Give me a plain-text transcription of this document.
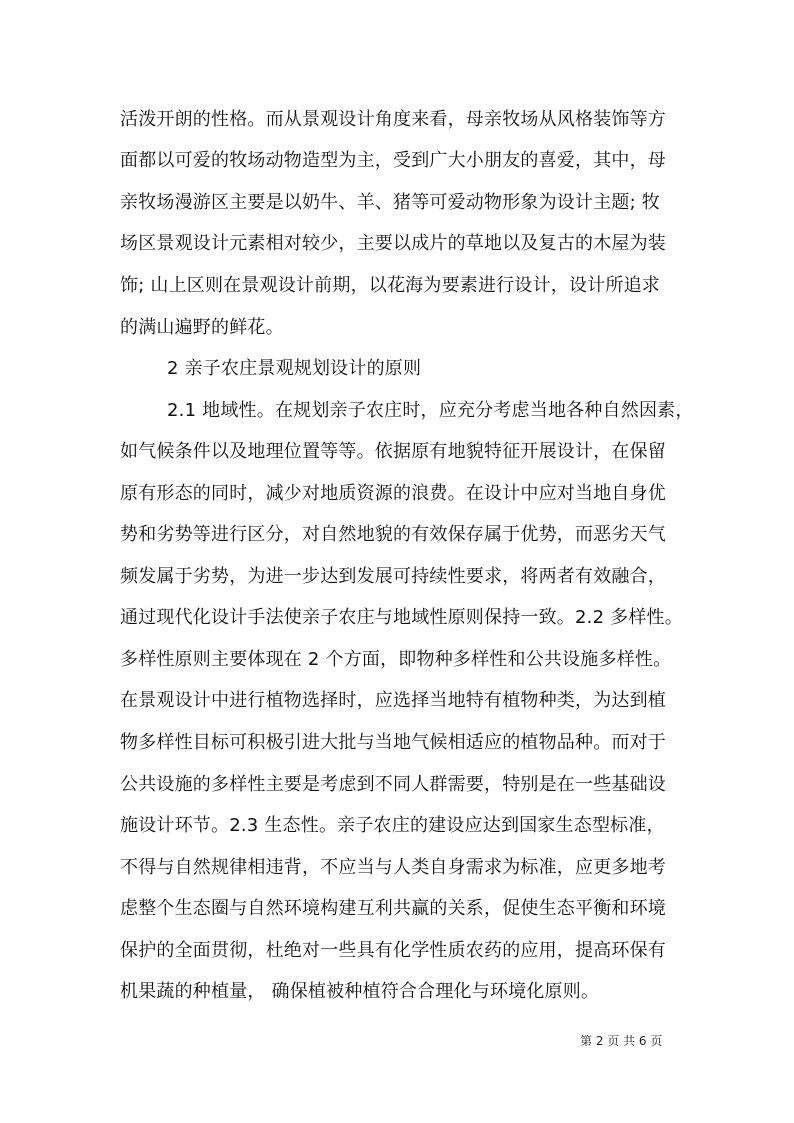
活泼开朗的性格。而从景观设计角度来看，母亲牧场从风格装饰等方
面都以可爱的牧场动物造型为主，受到广大小朋友的喜爱，其中，母
亲牧场漫游区主要是以奶牛、羊、猪等可爱动物形象为设计主题; 牧
场区景观设计元素相对较少，主要以成片的草地以及复古的木屋为装
饰; 山上区则在景观设计前期，以花海为要素进行设计，设计所追求
的满山遍野的鲜花。
2 亲子农庄景观规划设计的原则
2.1 地域性。在规划亲子农庄时，应充分考虑当地各种自然因素，
如气候条件以及地理位置等等。依据原有地貌特征开展设计，在保留
原有形态的同时，减少对地质资源的浪费。在设计中应对当地自身优
势和劣势等进行区分，对自然地貌的有效保存属于优势，而恶劣天气
频发属于劣势，为进一步达到发展可持续性要求，将两者有效融合，
通过现代化设计手法使亲子农庄与地域性原则保持一致。2.2 多样性。
多样性原则主要体现在 2 个方面，即物种多样性和公共设施多样性。
在景观设计中进行植物选择时，应选择当地特有植物种类，为达到植
物多样性目标可积极引进大批与当地气候相适应的植物品种。而对于
公共设施的多样性主要是考虑到不同人群需要，特别是在一些基础设
施设计环节。2.3 生态性。亲子农庄的建设应达到国家生态型标准，
不得与自然规律相违背，不应当与人类自身需求为标准，应更多地考
虑整个生态圈与自然环境构建互利共赢的关系，促使生态平衡和环境
保护的全面贯彻，杜绝对一些具有化学性质农药的应用，提高环保有
机果蔬的种植量， 确保植被种植符合合理化与环境化原则。
第 2 页 共 6 页
